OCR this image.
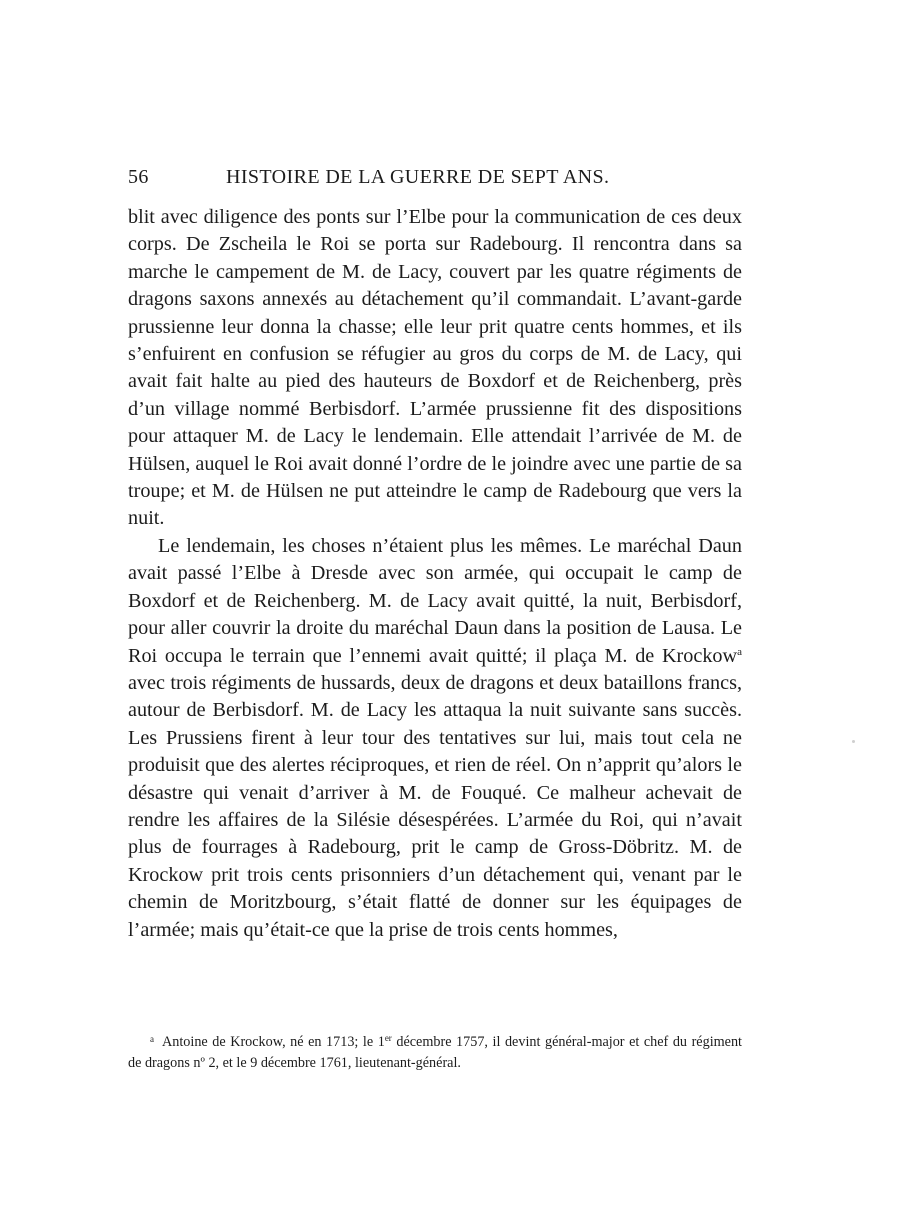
56	HISTOIRE DE LA GUERRE DE SEPT ANS.

blit avec diligence des ponts sur l’Elbe pour la communication de ces deux corps. De Zscheila le Roi se porta sur Radebourg. Il rencontra dans sa marche le campement de M. de Lacy, couvert par les quatre régiments de dragons saxons annexés au détachement qu’il commandait. L’avant-garde prussienne leur donna la chasse; elle leur prit quatre cents hommes, et ils s’enfuirent en confusion se réfugier au gros du corps de M. de Lacy, qui avait fait halte au pied des hauteurs de Boxdorf et de Reichenberg, près d’un village nommé Berbisdorf. L’armée prussienne fit des dispositions pour attaquer M. de Lacy le lendemain. Elle attendait l’arrivée de M. de Hülsen, auquel le Roi avait donné l’ordre de le joindre avec une partie de sa troupe; et M. de Hülsen ne put atteindre le camp de Radebourg que vers la nuit.

Le lendemain, les choses n’étaient plus les mêmes. Le maréchal Daun avait passé l’Elbe à Dresde avec son armée, qui occupait le camp de Boxdorf et de Reichenberg. M. de Lacy avait quitté, la nuit, Berbisdorf, pour aller couvrir la droite du maréchal Daun dans la position de Lausa. Le Roi occupa le terrain que l’ennemi avait quitté; il plaça M. de Krockow$^a$ avec trois régiments de hussards, deux de dragons et deux bataillons francs, autour de Berbisdorf. M. de Lacy les attaqua la nuit suivante sans succès. Les Prussiens firent à leur tour des tentatives sur lui, mais tout cela ne produisit que des alertes réciproques, et rien de réel. On n’apprit qu’alors le désastre qui venait d’arriver à M. de Fouqué. Ce malheur achevait de rendre les affaires de la Silésie désespérées. L’armée du Roi, qui n’avait plus de fourrages à Radebourg, prit le camp de Gross-Döbritz. M. de Krockow prit trois cents prisonniers d’un détachement qui, venant par le chemin de Moritzbourg, s’était flatté de donner sur les équipages de l’armée; mais qu’était-ce que la prise de trois cents hommes,

$^a$ Antoine de Krockow, né en 1713; le 1er décembre 1757, il devint général-major et chef du régiment de dragons nº 2, et le 9 décembre 1761, lieutenant-général.
